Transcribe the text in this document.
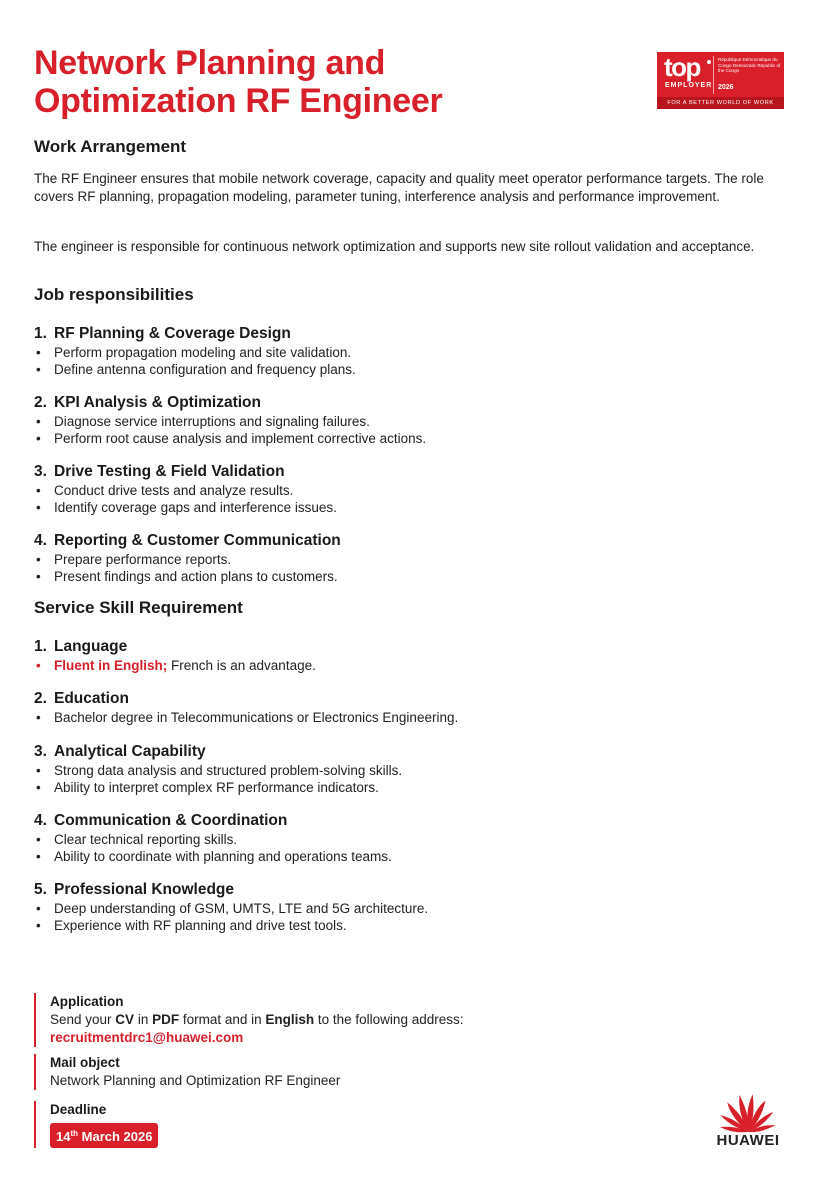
Network Planning and Optimization RF Engineer
top
EMPLOYER
République Démocratique du Congo Democratic Republic of the Congo
2026
FOR A BETTER WORLD OF WORK
Work Arrangement

The RF Engineer ensures that mobile network coverage, capacity and quality meet operator performance targets. The role covers RF planning, propagation modeling, parameter tuning, interference analysis and performance improvement.

The engineer is responsible for continuous network optimization and supports new site rollout validation and acceptance.

Job responsibilities
1. RF Planning & Coverage Design
• Perform propagation modeling and site validation.
• Define antenna configuration and frequency plans.
2. KPI Analysis & Optimization
• Diagnose service interruptions and signaling failures.
• Perform root cause analysis and implement corrective actions.
3. Drive Testing & Field Validation
• Conduct drive tests and analyze results.
• Identify coverage gaps and interference issues.
4. Reporting & Customer Communication
• Prepare performance reports.
• Present findings and action plans to customers.
Service Skill Requirement
1. Language
• Fluent in English; French is an advantage.
2. Education
• Bachelor degree in Telecommunications or Electronics Engineering.
3. Analytical Capability
• Strong data analysis and structured problem-solving skills.
• Ability to interpret complex RF performance indicators.
4. Communication & Coordination
• Clear technical reporting skills.
• Ability to coordinate with planning and operations teams.
5. Professional Knowledge
• Deep understanding of GSM, UMTS, LTE and 5G architecture.
• Experience with RF planning and drive test tools.
Application
Send your CV in PDF format and in English to the following address:
recruitmentdrc1@huawei.com
Mail object
Network Planning and Optimization RF Engineer
Deadline
14th March 2026	HUAWEI
